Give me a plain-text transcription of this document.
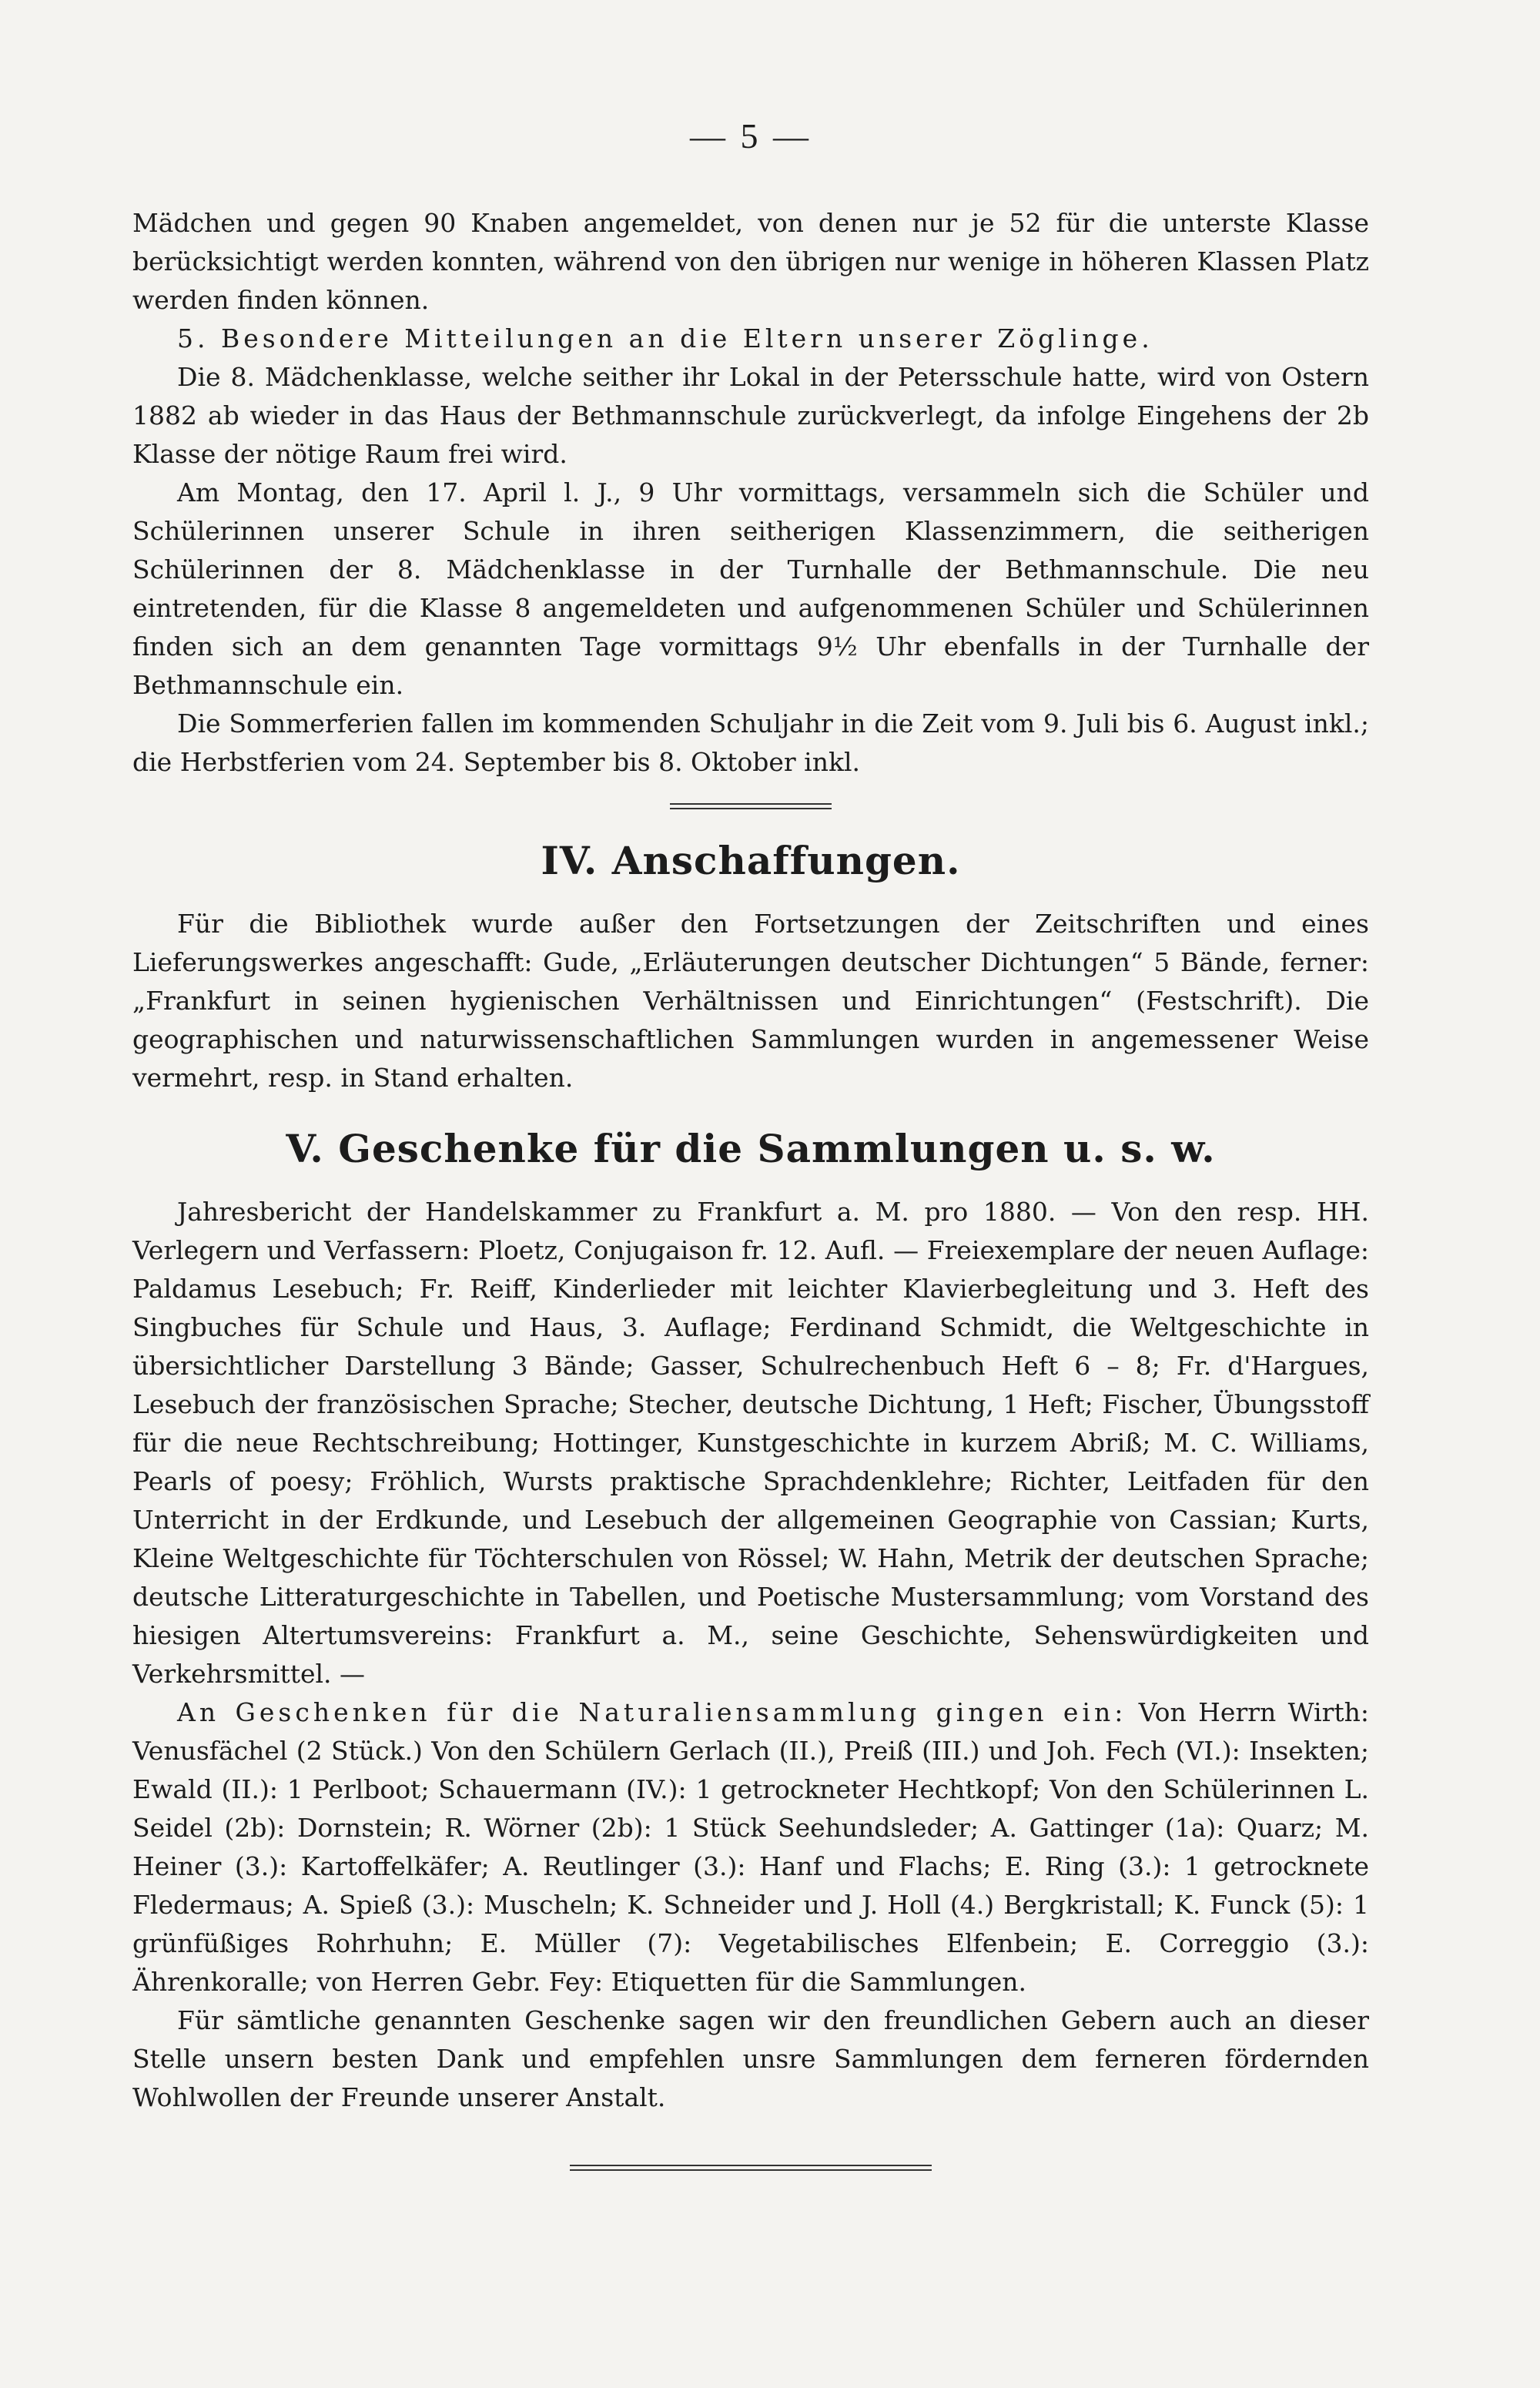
— 5 —

Mädchen und gegen 90 Knaben angemeldet, von denen nur je 52 für die unterste Klasse berücksichtigt werden konnten, während von den übrigen nur wenige in höheren Klassen Platz werden finden können.

5. Besondere Mitteilungen an die Eltern unserer Zöglinge.

Die 8. Mädchenklasse, welche seither ihr Lokal in der Petersschule hatte, wird von Ostern 1882 ab wieder in das Haus der Bethmannschule zurückverlegt, da infolge Eingehens der 2b Klasse der nötige Raum frei wird.

Am Montag, den 17. April l. J., 9 Uhr vormittags, versammeln sich die Schüler und Schülerinnen unserer Schule in ihren seitherigen Klassenzimmern, die seitherigen Schülerinnen der 8. Mädchenklasse in der Turnhalle der Bethmannschule. Die neu eintretenden, für die Klasse 8 angemeldeten und aufgenommenen Schüler und Schülerinnen finden sich an dem genannten Tage vormittags 9½ Uhr ebenfalls in der Turnhalle der Bethmannschule ein.

Die Sommerferien fallen im kommenden Schuljahr in die Zeit vom 9. Juli bis 6. August inkl.; die Herbstferien vom 24. September bis 8. Oktober inkl.

IV. Anschaffungen.

Für die Bibliothek wurde außer den Fortsetzungen der Zeitschriften und eines Lieferungswerkes angeschafft: Gude, „Erläuterungen deutscher Dichtungen“ 5 Bände, ferner: „Frankfurt in seinen hygienischen Verhältnissen und Einrichtungen“ (Festschrift). Die geographischen und naturwissenschaftlichen Sammlungen wurden in angemessener Weise vermehrt, resp. in Stand erhalten.

V. Geschenke für die Sammlungen u. s. w.

Jahresbericht der Handelskammer zu Frankfurt a. M. pro 1880. — Von den resp. HH. Verlegern und Verfassern: Ploetz, Conjugaison fr. 12. Aufl. — Freiexemplare der neuen Auflage: Paldamus Lesebuch; Fr. Reiff, Kinderlieder mit leichter Klavierbegleitung und 3. Heft des Singbuches für Schule und Haus, 3. Auflage; Ferdinand Schmidt, die Weltgeschichte in übersichtlicher Darstellung 3 Bände; Gasser, Schulrechenbuch Heft 6 – 8; Fr. d'Hargues, Lesebuch der französischen Sprache; Stecher, deutsche Dichtung, 1 Heft; Fischer, Übungsstoff für die neue Rechtschreibung; Hottinger, Kunstgeschichte in kurzem Abriß; M. C. Williams, Pearls of poesy; Fröhlich, Wursts praktische Sprachdenklehre; Richter, Leitfaden für den Unterricht in der Erdkunde, und Lesebuch der allgemeinen Geographie von Cassian; Kurts, Kleine Weltgeschichte für Töchterschulen von Rössel; W. Hahn, Metrik der deutschen Sprache; deutsche Litteraturgeschichte in Tabellen, und Poetische Mustersammlung; vom Vorstand des hiesigen Altertumsvereins: Frankfurt a. M., seine Geschichte, Sehenswürdigkeiten und Verkehrsmittel. —

An Geschenken für die Naturaliensammlung gingen ein: Von Herrn Wirth: Venusfächel (2 Stück.) Von den Schülern Gerlach (II.), Preiß (III.) und Joh. Fech (VI.): Insekten; Ewald (II.): 1 Perlboot; Schauermann (IV.): 1 getrockneter Hechtkopf; Von den Schülerinnen L. Seidel (2b): Dornstein; R. Wörner (2b): 1 Stück Seehundsleder; A. Gattinger (1a): Quarz; M. Heiner (3.): Kartoffelkäfer; A. Reutlinger (3.): Hanf und Flachs; E. Ring (3.): 1 getrocknete Fledermaus; A. Spieß (3.): Muscheln; K. Schneider und J. Holl (4.) Bergkristall; K. Funck (5): 1 grünfüßiges Rohrhuhn; E. Müller (7): Vegetabilisches Elfenbein; E. Correggio (3.): Ährenkoralle; von Herren Gebr. Fey: Etiquetten für die Sammlungen.

Für sämtliche genannten Geschenke sagen wir den freundlichen Gebern auch an dieser Stelle unsern besten Dank und empfehlen unsre Sammlungen dem ferneren fördernden Wohlwollen der Freunde unserer Anstalt.
